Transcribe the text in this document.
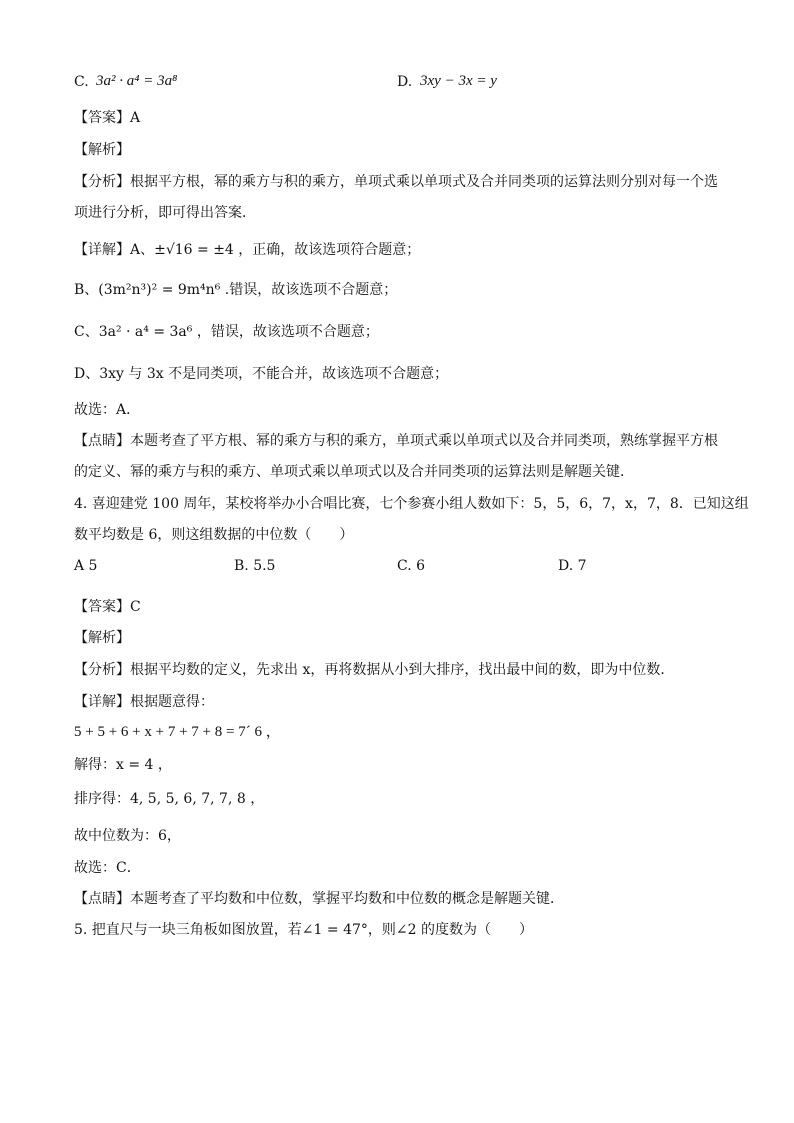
C. 3a² · a⁴ = 3a⁸	D. 3xy − 3x = y
【答案】A
【解析】
【分析】根据平方根，幂的乘方与积的乘方，单项式乘以单项式及合并同类项的运算法则分别对每一个选
项进行分析，即可得出答案．
【详解】A、±√16 = ±4 ，正确，故该选项符合题意；
B、(3m²n³)² = 9m⁴n⁶ .错误，故该选项不合题意；
C、3a² · a⁴ = 3a⁶ ，错误，故该选项不合题意；
D、3xy 与 3x 不是同类项，不能合并，故该选项不合题意；
故选：A．
【点睛】本题考查了平方根、幂的乘方与积的乘方，单项式乘以单项式以及合并同类项，熟练掌握平方根
的定义、幂的乘方与积的乘方、单项式乘以单项式以及合并同类项的运算法则是解题关键．
4. 喜迎建党 100 周年，某校将举办小合唱比赛，七个参赛小组人数如下：5，5，6，7，x，7，8．已知这组
数平均数是 6，则这组数据的中位数（　　）
A 5	B. 5.5	C. 6	D. 7
【答案】C
【解析】
【分析】根据平均数的定义，先求出 x，再将数据从小到大排序，找出最中间的数，即为中位数．
【详解】根据题意得：
5 + 5 + 6 + x + 7 + 7 + 8 = 7´ 6 ，
解得：x = 4 ，
排序得：4, 5, 5, 6, 7, 7, 8 ，
故中位数为：6，
故选：C．
【点睛】本题考查了平均数和中位数，掌握平均数和中位数的概念是解题关键．
5. 把直尺与一块三角板如图放置，若∠1 = 47°，则∠2 的度数为（　　）
